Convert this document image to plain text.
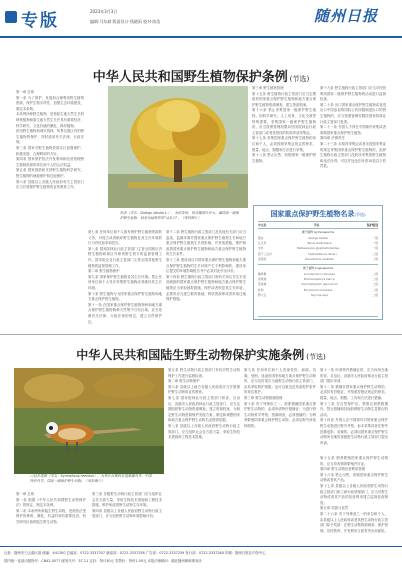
专版	2023年3月3日
编辑·马东斌 版面设计·钱晓雨 校对·陈浩	随州日报
中华人民共和国野生植物保护条例 (节选)
第一章 总则
第一条 为了保护、发展和合理利用野生植物资源，保护生物多样性，加强生态环境建设，制定本条例。
本条例所称野生植物，是指原生地天然生长的珍贵植物和原生地天然生长并具有重要经济、科学研究、文化价值的濒危、稀有植物。
药用野生植物和城市园林、风景名胜区内的野生植物的保护，同时适用有关法律、行政法规。
第三条 国家对野生植物资源实行加强保护、积极发展、合理利用的方针。
第四条 国家保护依法开发利用和经营管理野生植物资源的单位和个人的合法权益。
第五条 国家鼓励和支持野生植物科学研究、野生植物的就地保护和迁地保护。
第六条 县级以上各级人民政府有关主管部门应当开展保护野生植物的宣传教育工作。
银杏（学名：Ginkgo biloba L.），为银杏科、银杏属落叶乔木。属国家一级保护野生植物，被誉为植物界的"活化石"。（资料图片）
第七条 任何单位和个人都有保护野生植物资源的义务，对侵占或者破坏野生植物及其生长环境的行为有权检举和控告。
第八条 国务院林业行政主管部门主管全国林区内野生植物和林区外珍贵野生树木的监督管理工作。国务院农业行政主管部门主管全国其他野生植物的监督管理工作。
第二章 野生植物保护
第九条 国家保护野生植物及其生长环境。禁止任何单位和个人非法采集野生植物或者破坏其生长环境。
第十条 野生植物分为国家重点保护野生植物和地方重点保护野生植物。
第十一条 在国家重点保护野生植物物种和地方重点保护野生植物物种天然集中分布区域，应当依照有关法律、行政法规的规定，建立自然保护区。
第十二条 野生植物行政主管部门及其他有关部门应当监视、监测环境对国家重点保护野生植物生长和地方重点保护野生植物生长的影响，并采取措施，维护和改善国家重点保护野生植物和地方重点保护野生植物的生长条件。
第十三条 建设项目对国家重点保护野生植物和地方重点保护野生植物的生长环境产生不利影响的，建设单位提交的环境影响报告书中必须对此作出评价。
第十四条 野生植物行政主管部门和有关单位对生长受到威胁的国家重点保护野生植物和地方重点保护野生植物应当采取拯救措施，保护或者恢复其生长环境，必要时应当建立繁育基地、种质资源库或者采取迁地保护措施。
第三章 野生植物管理
第十五条 野生植物行政主管部门应当定期组织国家重点保护野生植物和地方重点保护野生植物资源调查，建立资源档案。
第十六条 禁止采集国家一级保护野生植物。因科学研究、人工培育、文化交流等特殊需要，采集国家一级保护野生植物的，应当按照管理权限向国务院林业行政主管部门或者其授权的机构申请采集证。
第十七条 采集国家重点保护野生植物的单位和个人，必须按照采集证规定的种类、数量、地点、期限和方法进行采集。
第十八条 禁止出售、收购国家一级保护野生植物。
第十九条 野生植物行政主管部门应当对经营利用国家二级保护野生植物的活动进行监督检查。
第二十条 出口国家重点保护野生植物或者进出口中国参加的国际公约所限制进出口的野生植物的，应当按照管理权限经国务院林业行政主管部门批准。
第二十一条 外国人不得在中国境内采集或者收购国家重点保护野生植物。
第四章 法律责任
第二十三条 未取得采集证或者未按照采集证的规定采集国家重点保护野生植物的，由野生植物行政主管部门没收所采集的野生植物和违法所得，可以并处违法所得10倍以下的罚款。
国家重点保护野生植物名录(节选)
中文名	学名	保护级别
裸子植物 Gymnosperms
银杏	Ginkgo biloba	一级
红豆杉	Taxus wallichiana	一级
水杉	Metasequoia glyptostroboides	一级
篦子三尖杉	Cephalotaxus oliveri	二级
金钱松	Pseudolarix amabilis	二级
被子植物 Angiosperms
鹅掌楸	Liriodendron chinense	二级
香果树	Emmenopterys henryi	二级
连香树	Cercidiphyllum japonicum	二级
杜仲	Eucommia ulmoides	二级
野大豆	Glycine soja	二级
中华人民共和国陆生野生动物保护实施条例 (节选)
白冠长尾雉（学名：Syrmaticus reevesii），为鸡形目雉科长尾雉属鸟类，中国特有鸟类，国家一级保护野生动物。（资料图片）
第一章 总则
第一条 根据《中华人民共和国野生动物保护法》的规定，制定本条例。
第二条 本条例所称陆生野生动物，是指依法受保护的珍贵、濒危、有益的和有重要经济、科学研究价值的陆生野生动物。
第三条 各级野生动物行政主管部门应当组织社会各方面力量，采取生物技术措施和工程技术措施，维护和改善野生动物生存环境。
第四条 县级以上各级人民政府野生动物行政主管部门，应当组织野生动物环境影响评价。
第五条 野生动物行政主管部门有权对野生动物保护工作进行监督检查。
第二章 野生动物保护
第六条 县级以上地方各级人民政府应当开展保护野生动物的宣传教育。
第七条 国务院林业行政主管部门和省、自治区、直辖市人民政府林业行政主管部门，应当定期组织野生动物资源调查，建立资源档案，为制定野生动物资源保护发展方案、制定和调整国家和地方重点保护野生动物名录提供依据。
第八条 县级以上各级人民政府野生动物行政主管部门，应当组织社会各方面力量，采取生物技术措施和工程技术措施。
第九条 任何单位和个人发现受伤、病弱、饥饿、受困、迷途的国家和地方重点保护野生动物时，应当及时报告当地野生动物行政主管部门，由其采取救护措施；也可以就近送具备救护条件的单位救护。
第三章 野生动物猎捕管理
第十条 有下列情形之一，需要猎捕国家重点保护野生动物的，必须申请特许猎捕证：为进行野生动物科学考察、资源调查，必须猎捕的；为驯养繁殖国家重点保护野生动物，必须从野外获取种源的。
第十一条 申请特许猎捕证的，应当向所在地的省、自治区、直辖市人民政府林业行政主管部门提出申请。
第十二条 猎捕非国家重点保护野生动物的，必须持有狩猎证，并按照狩猎证规定的种类、数量、地点、期限、工具和方法进行猎捕。
第十三条 在自然保护区、禁猎区和禁猎期内，禁止猎捕和其他妨碍野生动物生息繁衍的活动。
第十四条 外国人在中国境内对国家重点保护野生动物进行野外考察、标本采集或者在野外拍摄电影、录像的，必须向国家重点保护野生动物所在地的省级野生动物行政主管部门提出申请。
第十五条 驯养繁殖国家重点保护野生动物的，应当持有驯养繁殖许可证。
第四章 野生动物经营利用管理
第十六条 禁止出售、收购国家重点保护野生动物或者其产品。
第十七条 县级以上各级人民政府野生动物行政主管部门和工商行政管理部门，应当对野生动物或者其产品的经营利用建立监督检查制度。
第五章 奖励与惩罚
第二十六条 有下列事迹之一的单位和个人，由县级以上人民政府或者其野生动物行政主管部门给予奖励：在野生动物资源调查、保护管理、宣传教育、开发利用方面有突出贡献的。
社址：随州市白云湖大道 邮编：441300 总编室：0722-3337257 新闻部：0722-3337258 广告部：0722-3337259 发行部：0722-3337260 印刷：随州日报社印务中心
国内统一连续出版物号：CN42-0077 邮发代号：37-11 定价：每月30元 零售价：每份1.00元 本报法律顾问：湖北随州律师事务所
